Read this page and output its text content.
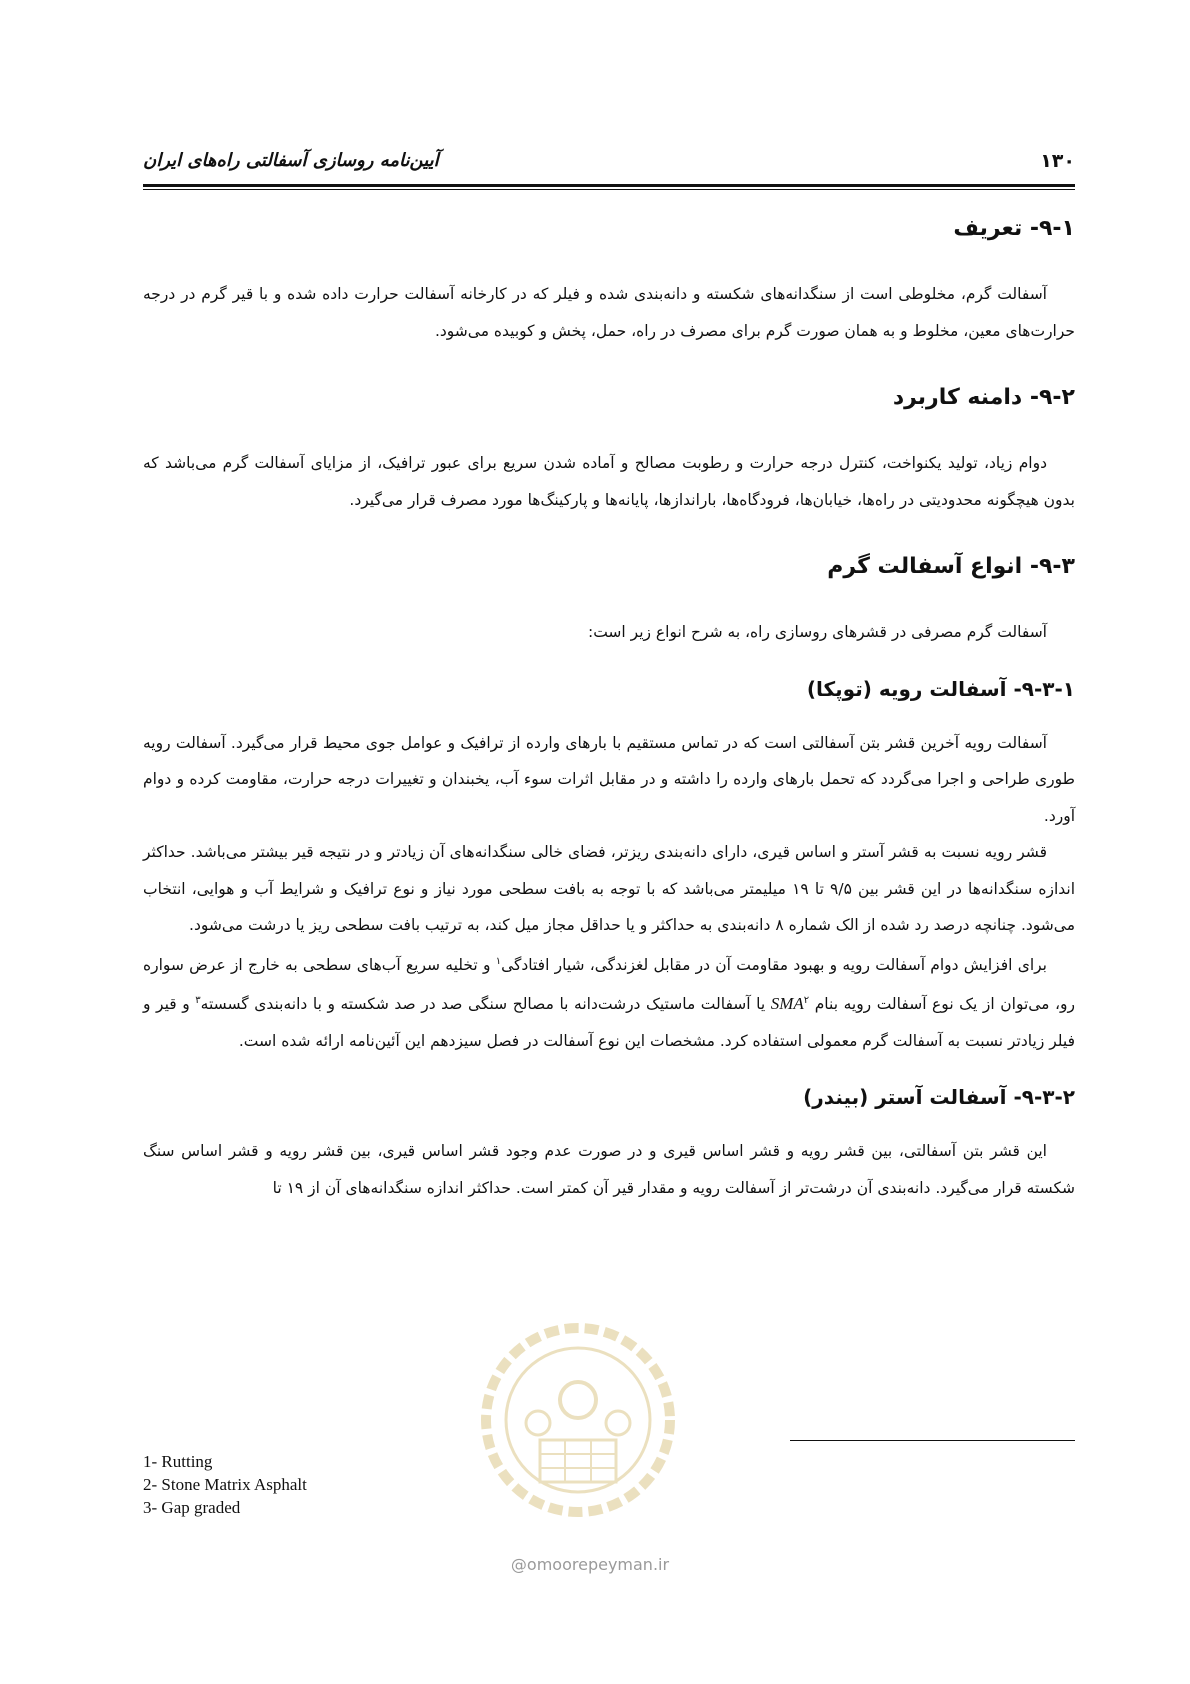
۱۳۰
آیین‌نامه روسازی آسفالتی راه‌های ایران
۹-۱- تعریف

آسفالت گرم، مخلوطی است از سنگدانه‌های شکسته و دانه‌بندی شده و فیلر که در کارخانه آسفالت حرارت داده شده و با قیر گرم در درجه حرارت‌های معین، مخلوط و به همان صورت گرم برای مصرف در راه، حمل، پخش و کوبیده می‌شود.

۹-۲- دامنه کاربرد

دوام زیاد، تولید یکنواخت، کنترل درجه حرارت و رطوبت مصالح و آماده شدن سریع برای عبور ترافیک، از مزایای آسفالت گرم می‌باشد که بدون هیچگونه محدودیتی در راه‌ها، خیابان‌ها، فرودگاه‌ها، باراندازها، پایانه‌ها و پارکینگ‌ها مورد مصرف قرار می‌گیرد.

۹-۳- انواع آسفالت گرم

آسفالت گرم مصرفی در قشرهای روسازی راه، به شرح انواع زیر است:

۹-۳-۱- آسفالت رویه (توپکا)

آسفالت رویه آخرین قشر بتن آسفالتی است که در تماس مستقیم با بارهای وارده از ترافیک و عوامل جوی محیط قرار می‌گیرد. آسفالت رویه طوری طراحی و اجرا می‌گردد که تحمل بارهای وارده را داشته و در مقابل اثرات سوء آب، یخبندان و تغییرات درجه حرارت، مقاومت کرده و دوام آورد.

قشر رویه نسبت به قشر آستر و اساس قیری، دارای دانه‌بندی ریزتر، فضای خالی سنگدانه‌های آن زیادتر و در نتیجه قیر بیشتر می‌باشد. حداکثر اندازه سنگدانه‌ها در این قشر بین ۹/۵ تا ۱۹ میلیمتر می‌باشد که با توجه به بافت سطحی مورد نیاز و نوع ترافیک و شرایط آب و هوایی، انتخاب می‌شود. چنانچه درصد رد شده از الک شماره ۸ دانه‌بندی به حداکثر و یا حداقل مجاز میل کند، به ترتیب بافت سطحی ریز یا درشت می‌شود.

برای افزایش دوام آسفالت رویه و بهبود مقاومت آن در مقابل لغزندگی، شیار افتادگی$^۱$ و تخلیه سریع آب‌های سطحی به خارج از عرض سواره رو، می‌توان از یک نوع آسفالت رویه بنام SMA$^۲$ یا آسفالت ماستیک درشت‌دانه با مصالح سنگی صد در صد شکسته و با دانه‌بندی گسسته$^۳$ و قیر و فیلر زیادتر نسبت به آسفالت گرم معمولی استفاده کرد. مشخصات این نوع آسفالت در فصل سیزدهم این آئین‌نامه ارائه شده است.

۹-۳-۲- آسفالت آستر (بیندر)

این قشر بتن آسفالتی، بین قشر رویه و قشر اساس قیری و در صورت عدم وجود قشر اساس قیری، بین قشر رویه و قشر اساس سنگ شکسته قرار می‌گیرد. دانه‌بندی آن درشت‌تر از آسفالت رویه و مقدار قیر آن کمتر است. حداکثر اندازه سنگدانه‌های آن از ۱۹ تا

@omoorepeyman.ir
1- Rutting
2- Stone Matrix Asphalt
3- Gap graded
